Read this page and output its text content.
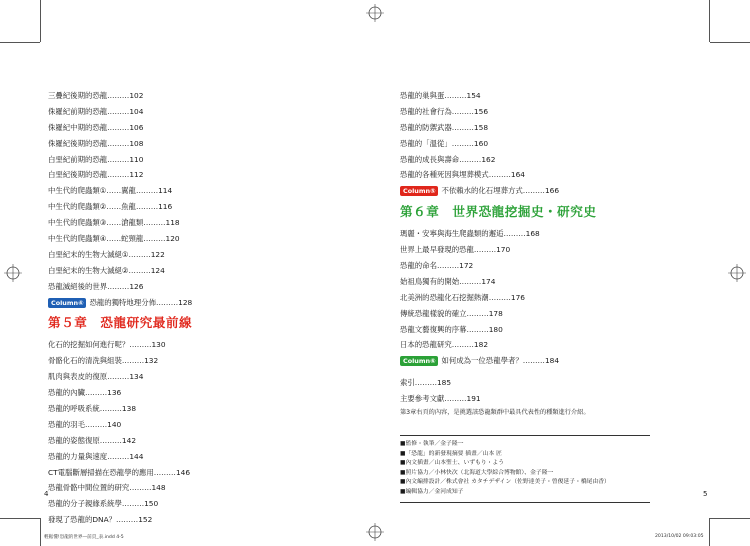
三疊紀後期的恐龍………102
侏羅紀前期的恐龍………104
侏羅紀中期的恐龍………106
侏羅紀後期的恐龍………108
白堊紀前期的恐龍………110
白堊紀後期的恐龍………112
中生代的爬蟲類①……翼龍………114
中生代的爬蟲類②……魚龍………116
中生代的爬蟲類③……滄龍類………118
中生代的爬蟲類④……蛇頸龍………120
白堊紀末的生物大滅絕①………122
白堊紀末的生物大滅絕②………124
恐龍滅絕後的世界………126
Column④ 恐龍的獨特地理分佈………128
第５章　恐龍研究最前線
化石的挖掘如何進行呢？………130
骨骼化石的清洗與組裝………132
肌肉與表皮的復原………134
恐龍的內臟………136
恐龍的呼吸系統………138
恐龍的羽毛………140
恐龍的姿態復原………142
恐龍的力量與速度………144
CT電腦斷層掃描在恐龍學的應用………146
恐龍骨骼中間位置的研究………148
恐龍的分子親緣系統學………150
發現了恐龍的DNA？………152
恐龍的巢與蛋………154
恐龍的社會行為………156
恐龍的防禦武器………158
恐龍的「溫從」………160
恐龍的成長與壽命………162
恐龍的各種死因與埋葬模式………164
Column⑤ 不依賴水的化石埋葬方式………166
第６章　世界恐龍挖掘史・研究史
瑪麗・安寧與海生爬蟲類的邂逅………168
世界上最早發現的恐龍………170
恐龍的命名………172
始祖鳥獨有的開始………174
北美洲的恐龍化石挖掘熱潮………176
傳統恐龍樣貌的確立………178
恐龍文藝復興的序幕………180
日本的恐龍研究………182
Column⑥ 如何成為一位恐龍學者？………184
索引………185
主要參考文獻………191
第3章右頁的內容，是挑選該恐龍類群中最具代表性的種類進行介紹。
■監修・執筆／金子隆一
■「恐龍」的新發現摘要 插畫／山本 匠
■內文插畫／山本聖士、いずもり・よう
■照片協力／小林快次（北海道大學綜合博物館）、金子隆一
■內文編排設計／株式會社 カタチデザイン（佐野達美子・曾俊延子・橋尾由香）
■編輯協力／金河成知子
4	5
輕鬆懂!恐龍的世界—前頁_表.indd 4-5	2013/10/02 09:03:05
